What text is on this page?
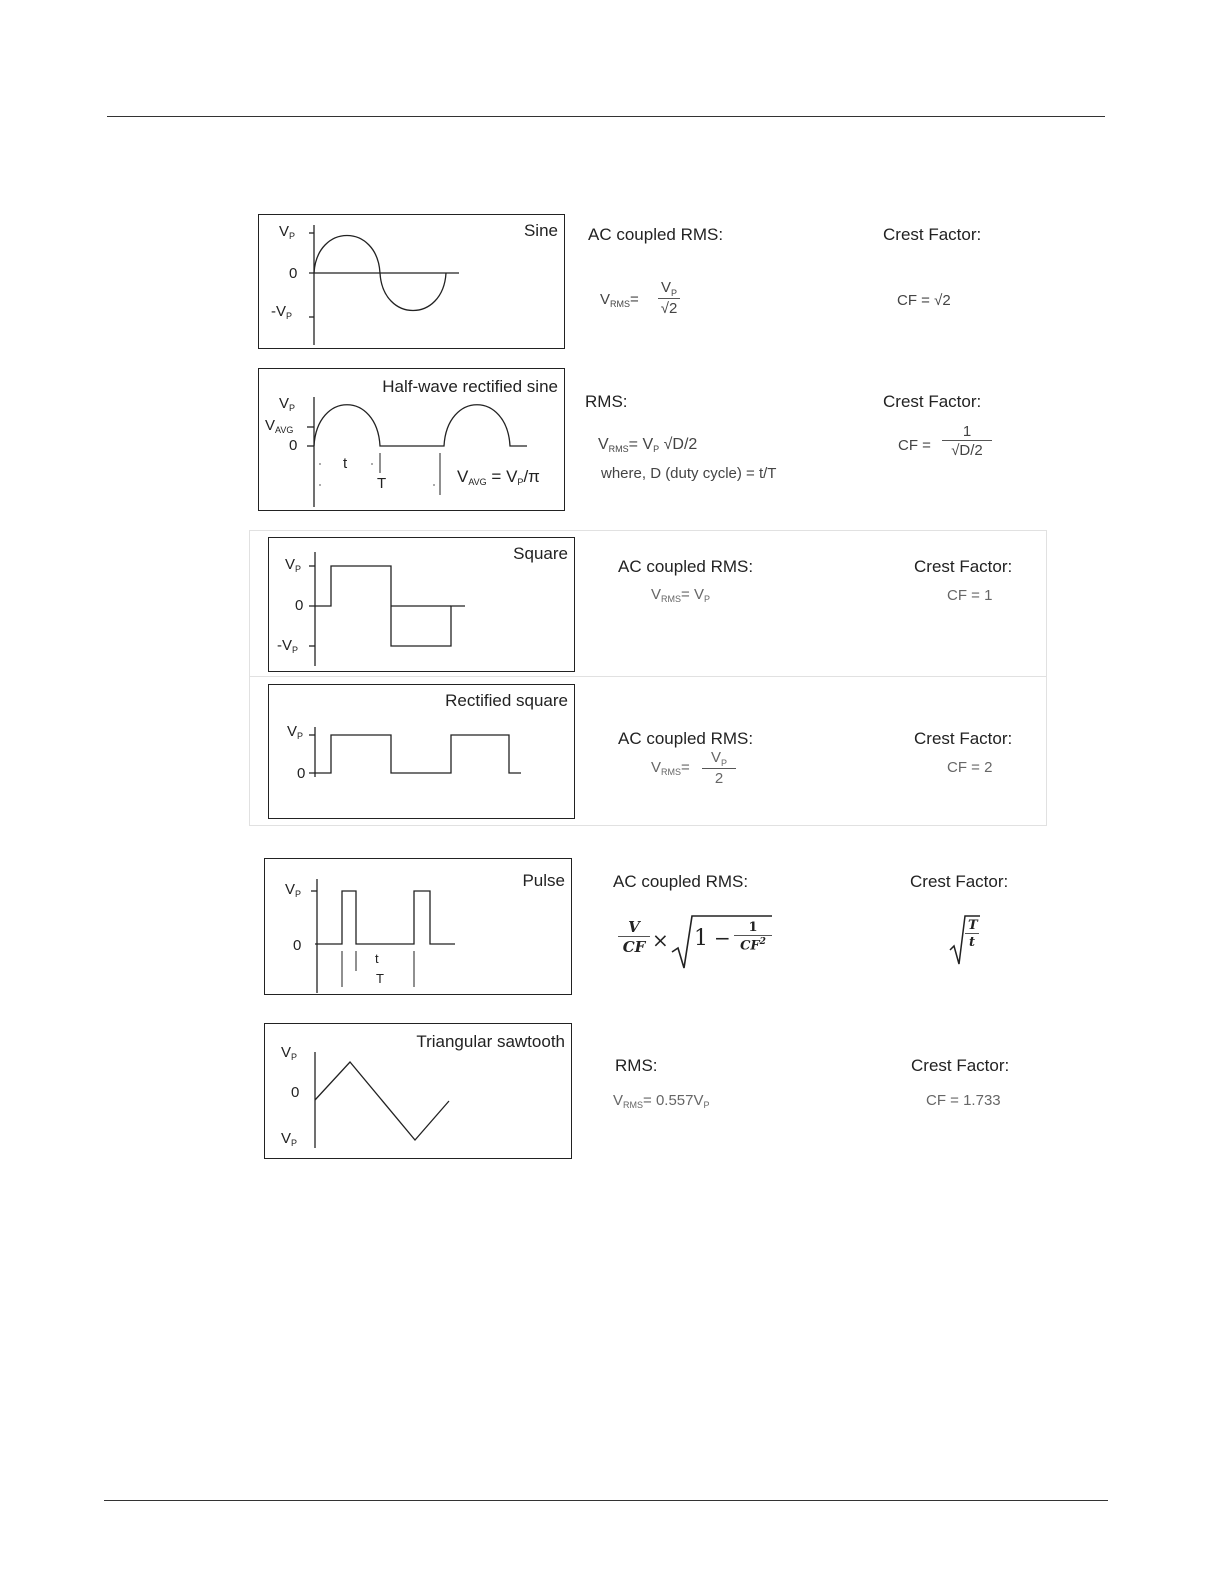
Sine
$V_P$
0
$-V_P$
AC coupled RMS:
$V_{RMS}= \frac{V_P}{√2}$
Crest Factor:
CF = √2
Half-wave rectified sine
$V_P$
$V_{AVG}$
0
t
T	$V_{AVG} = V_P/\pi$
RMS:
$V_{RMS}= V_P$ √D/2
where, D (duty cycle) = t/T
Crest Factor:
CF = $\frac{1}{√D/2}$
Square
$V_P$
0
$-V_P$
AC coupled RMS:
$V_{RMS}= V_P$
Crest Factor:
CF = 1
Rectified square
$V_P$
0
AC coupled RMS:
$V_{RMS}= \frac{V_P}{2}$
Crest Factor:
CF = 2
Pulse
$V_P$
0
t
T
AC coupled RMS:
$\frac{V}{CF} \times 1 - \frac{1}{CF^2}$
Crest Factor:
$\frac{T}{t}$
Triangular sawtooth
$V_P$
0
$V_P$
RMS:
$V_{RMS}= 0.557V_P$
Crest Factor:
CF = 1.733
